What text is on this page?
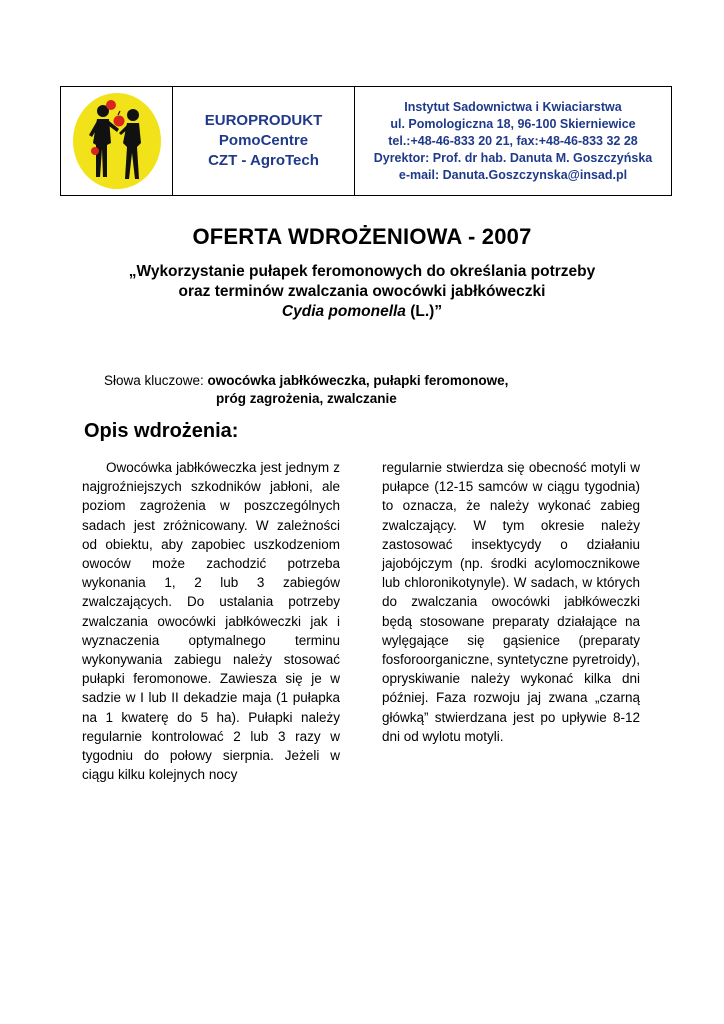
EUROPRODUKT
PomoCentre
CZT - AgroTech
Instytut Sadownictwa i Kwiaciarstwa
ul. Pomologiczna 18, 96-100 Skierniewice
tel.:+48-46-833 20 21, fax:+48-46-833 32 28
Dyrektor: Prof. dr hab. Danuta M. Goszczyńska
e-mail: Danuta.Goszczynska@insad.pl
OFERTA WDROŻENIOWA - 2007
„Wykorzystanie pułapek feromonowych do określania potrzeby
oraz terminów zwalczania owocówki jabłkóweczki
Cydia pomonella (L.)”
Słowa kluczowe: owocówka jabłkóweczka, pułapki feromonowe,
próg zagrożenia, zwalczanie
Opis wdrożenia:

Owocówka jabłkóweczka jest jednym z najgroźniejszych szkodników jabłoni, ale poziom zagrożenia w poszczególnych sadach jest zróżnicowany. W zależności od obiektu, aby zapobiec uszkodzeniom owoców może zachodzić potrzeba wykonania 1, 2 lub 3 zabiegów zwalczających. Do ustalania potrzeby zwalczania owocówki jabłkóweczki jak i wyznaczenia optymalnego terminu wykonywania zabiegu należy stosować pułapki feromonowe. Zawiesza się je w sadzie w I lub II dekadzie maja (1 pułapka na 1 kwaterę do 5 ha). Pułapki należy regularnie kontrolować 2 lub 3 razy w tygodniu do połowy sierpnia. Jeżeli w ciągu kilku kolejnych nocy

regularnie stwierdza się obecność motyli w pułapce (12-15 samców w ciągu tygodnia) to oznacza, że należy wykonać zabieg zwalczający. W tym okresie należy zastosować insektycydy o działaniu jajobójczym (np. środki acylomocznikowe lub chloronikotynyle). W sadach, w których do zwalczania owocówki jabłkóweczki będą stosowane preparaty działające na wylęgające się gąsienice (preparaty fosforoorganiczne, syntetyczne pyretroidy), opryskiwanie należy wykonać kilka dni później. Faza rozwoju jaj zwana „czarną główką” stwierdzana jest po upływie 8-12 dni od wylotu motyli.
